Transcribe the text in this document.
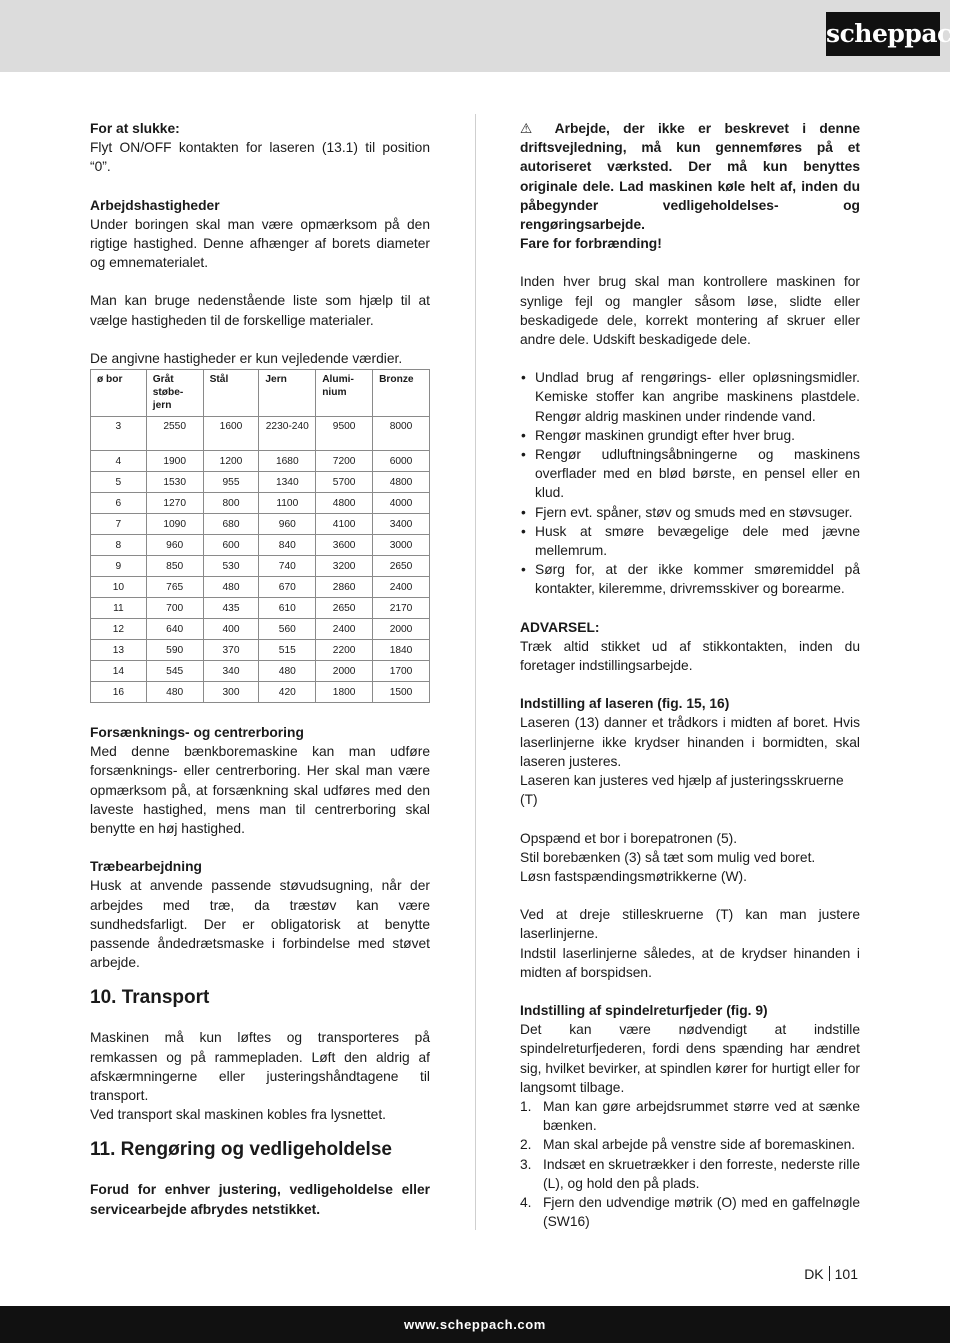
scheppach

For at slukke:

Flyt ON/OFF kontakten for laseren (13.1) til position “0”.

Arbejdshastigheder

Under boringen skal man være opmærksom på den rigtige hastighed. Denne afhænger af borets diameter og emnematerialet.

Man kan bruge nedenstående liste som hjælp til at vælge hastigheden til de forskellige materialer.

De angivne hastigheder er kun vejledende værdier.

ø bor	Gråt støbe-jern	Stål	Jern	Alumi-nium	Bronze
3	2550	1600	2230-240	9500	8000
4	1900	1200	1680	7200	6000
5	1530	955	1340	5700	4800
6	1270	800	1100	4800	4000
7	1090	680	960	4100	3400
8	960	600	840	3600	3000
9	850	530	740	3200	2650
10	765	480	670	2860	2400
11	700	435	610	2650	2170
12	640	400	560	2400	2000
13	590	370	515	2200	1840
14	545	340	480	2000	1700
16	480	300	420	1800	1500

Forsænknings- og centrerboring

Med denne bænkboremaskine kan man udføre forsænknings- eller centrerboring. Her skal man være opmærksom på, at forsænkning skal udføres med den laveste hastighed, mens man til centrerboring skal benytte en høj hastighed.

Træbearbejdning

Husk at anvende passende støvudsugning, når der arbejdes med træ, da træstøv kan være sundhedsfarligt. Der er obligatorisk at benytte passende åndedrætsmaske i forbindelse med støvet arbejde.

10. Transport

Maskinen må kun løftes og transporteres på remkassen og på rammepladen. Løft den aldrig af afskærmningerne eller justeringshåndtagene til transport.

Ved transport skal maskinen kobles fra lysnettet.

11. Rengøring og vedligeholdelse

Forud for enhver justering, vedligeholdelse eller servicearbejde afbrydes netstikket.

⚠ Arbejde, der ikke er beskrevet i denne driftsvejledning, må kun gennemføres på et autoriseret værksted. Der må kun benyttes originale dele. Lad maskinen køle helt af, inden du påbegynder vedligeholdelses- og rengøringsarbejde.

Fare for forbrænding!

Inden hver brug skal man kontrollere maskinen for synlige fejl og mangler såsom løse, slidte eller beskadigede dele, korrekt montering af skruer eller andre dele. Udskift beskadigede dele.

• Undlad brug af rengørings- eller opløsningsmidler. Kemiske stoffer kan angribe maskinens plastdele. Rengør aldrig maskinen under rindende vand.
• Rengør maskinen grundigt efter hver brug.
• Rengør udluftningsåbningerne og maskinens overflader med en blød børste, en pensel eller en klud.
• Fjern evt. spåner, støv og smuds med en støvsuger.
• Husk at smøre bevægelige dele med jævne mellemrum.
• Sørg for, at der ikke kommer smøremiddel på kontakter, kileremme, drivremsskiver og borearme.

ADVARSEL:

Træk altid stikket ud af stikkontakten, inden du foretager indstillingsarbejde.

Indstilling af laseren (fig. 15, 16)

Laseren (13) danner et trådkors i midten af boret. Hvis laserlinjerne ikke krydser hinanden i bormidten, skal laseren justeres.

Laseren kan justeres ved hjælp af justeringsskruerne (T)

Opspænd et bor i borepatronen (5).

Stil borebænken (3) så tæt som mulig ved boret.

Løsn fastspændingsmøtrikkerne (W).

Ved at dreje stilleskruerne (T) kan man justere laserlinjerne.

Indstil laserlinjerne således, at de krydser hinanden i midten af borspidsen.

Indstilling af spindelreturfjeder (fig. 9)

Det kan være nødvendigt at indstille spindelreturfjederen, fordi dens spænding har ændret sig, hvilket bevirker, at spindlen kører for hurtigt eller for langsomt tilbage.

1. Man kan gøre arbejdsrummet større ved at sænke bænken.
2. Man skal arbejde på venstre side af boremaskinen.
3. Indsæt en skruetrækker i den forreste, nederste rille (L), og hold den på plads.
4. Fjern den udvendige møtrik (O) med en gaffelnøgle (SW16)
DK 101
www.scheppach.com
